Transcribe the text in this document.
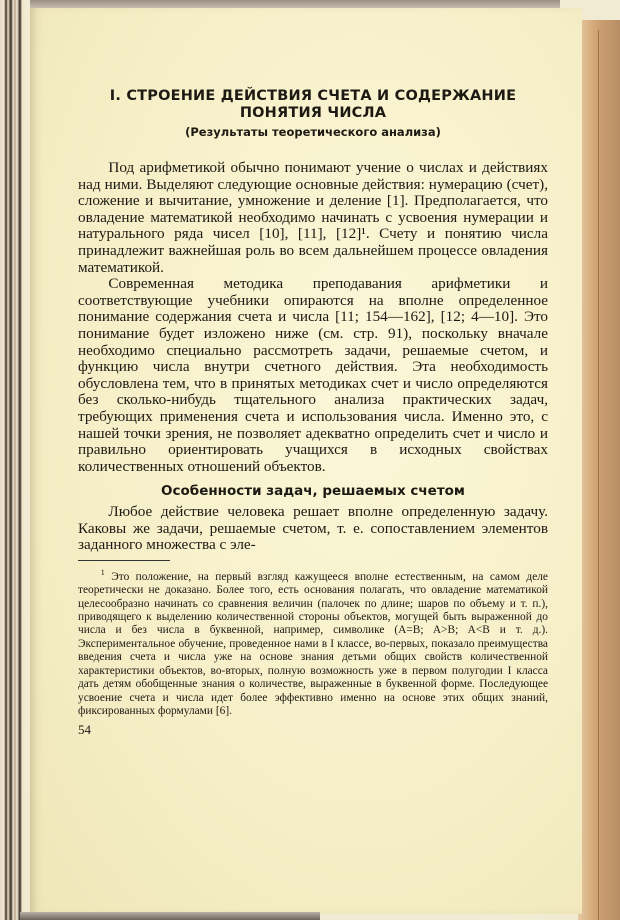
I. СТРОЕНИЕ ДЕЙСТВИЯ СЧЕТА И СОДЕРЖАНИЕ
ПОНЯТИЯ ЧИСЛА
(Результаты теоретического анализа)

Под арифметикой обычно понимают учение о числах и действиях над ними. Выделяют следующие основные действия: нумерацию (счет), сложение и вычитание, умножение и деление [1]. Предполагается, что овладение математикой необходимо начинать с усвоения нумерации и натурального ряда чисел [10], [11], [12]¹. Счету и понятию числа принадлежит важнейшая роль во всем дальнейшем процессе овладения математикой.

Современная методика преподавания арифметики и соответствующие учебники опираются на вполне определенное понимание содержания счета и числа [11; 154—162], [12; 4—10]. Это понимание будет изложено ниже (см. стр. 91), поскольку вначале необходимо специально рассмотреть задачи, решаемые счетом, и функцию числа внутри счетного действия. Эта необходимость обусловлена тем, что в принятых методиках счет и число определяются без сколько-нибудь тщательного анализа практических задач, требующих применения счета и использования числа. Именно это, с нашей точки зрения, не позволяет адекватно определить счет и число и правильно ориентировать учащихся в исходных свойствах количественных отношений объектов.

Особенности задач, решаемых счетом

Любое действие человека решает вполне определенную задачу. Каковы же задачи, решаемые счетом, т. е. сопоставлением элементов заданного множества с эле-

$^1$ Это положение, на первый взгляд кажущееся вполне естественным, на самом деле теоретически не доказано. Более того, есть основания полагать, что овладение математикой целесообразно начинать со сравнения величин (палочек по длине; шаров по объему и т. п.), приводящего к выделению количественной стороны объектов, могущей быть выраженной до числа и без числа в буквенной, например, символике (A=B; A>B; A<B и т. д.). Экспериментальное обучение, проведенное нами в I классе, во-первых, показало преимущества введения счета и числа уже на основе знания детьми общих свойств количественной характеристики объектов, во-вторых, полную возможность уже в первом полугодии I класса дать детям обобщенные знания о количестве, выраженные в буквенной форме. Последующее усвоение счета и числа идет более эффективно именно на основе этих общих знаний, фиксированных формулами [6].
54
